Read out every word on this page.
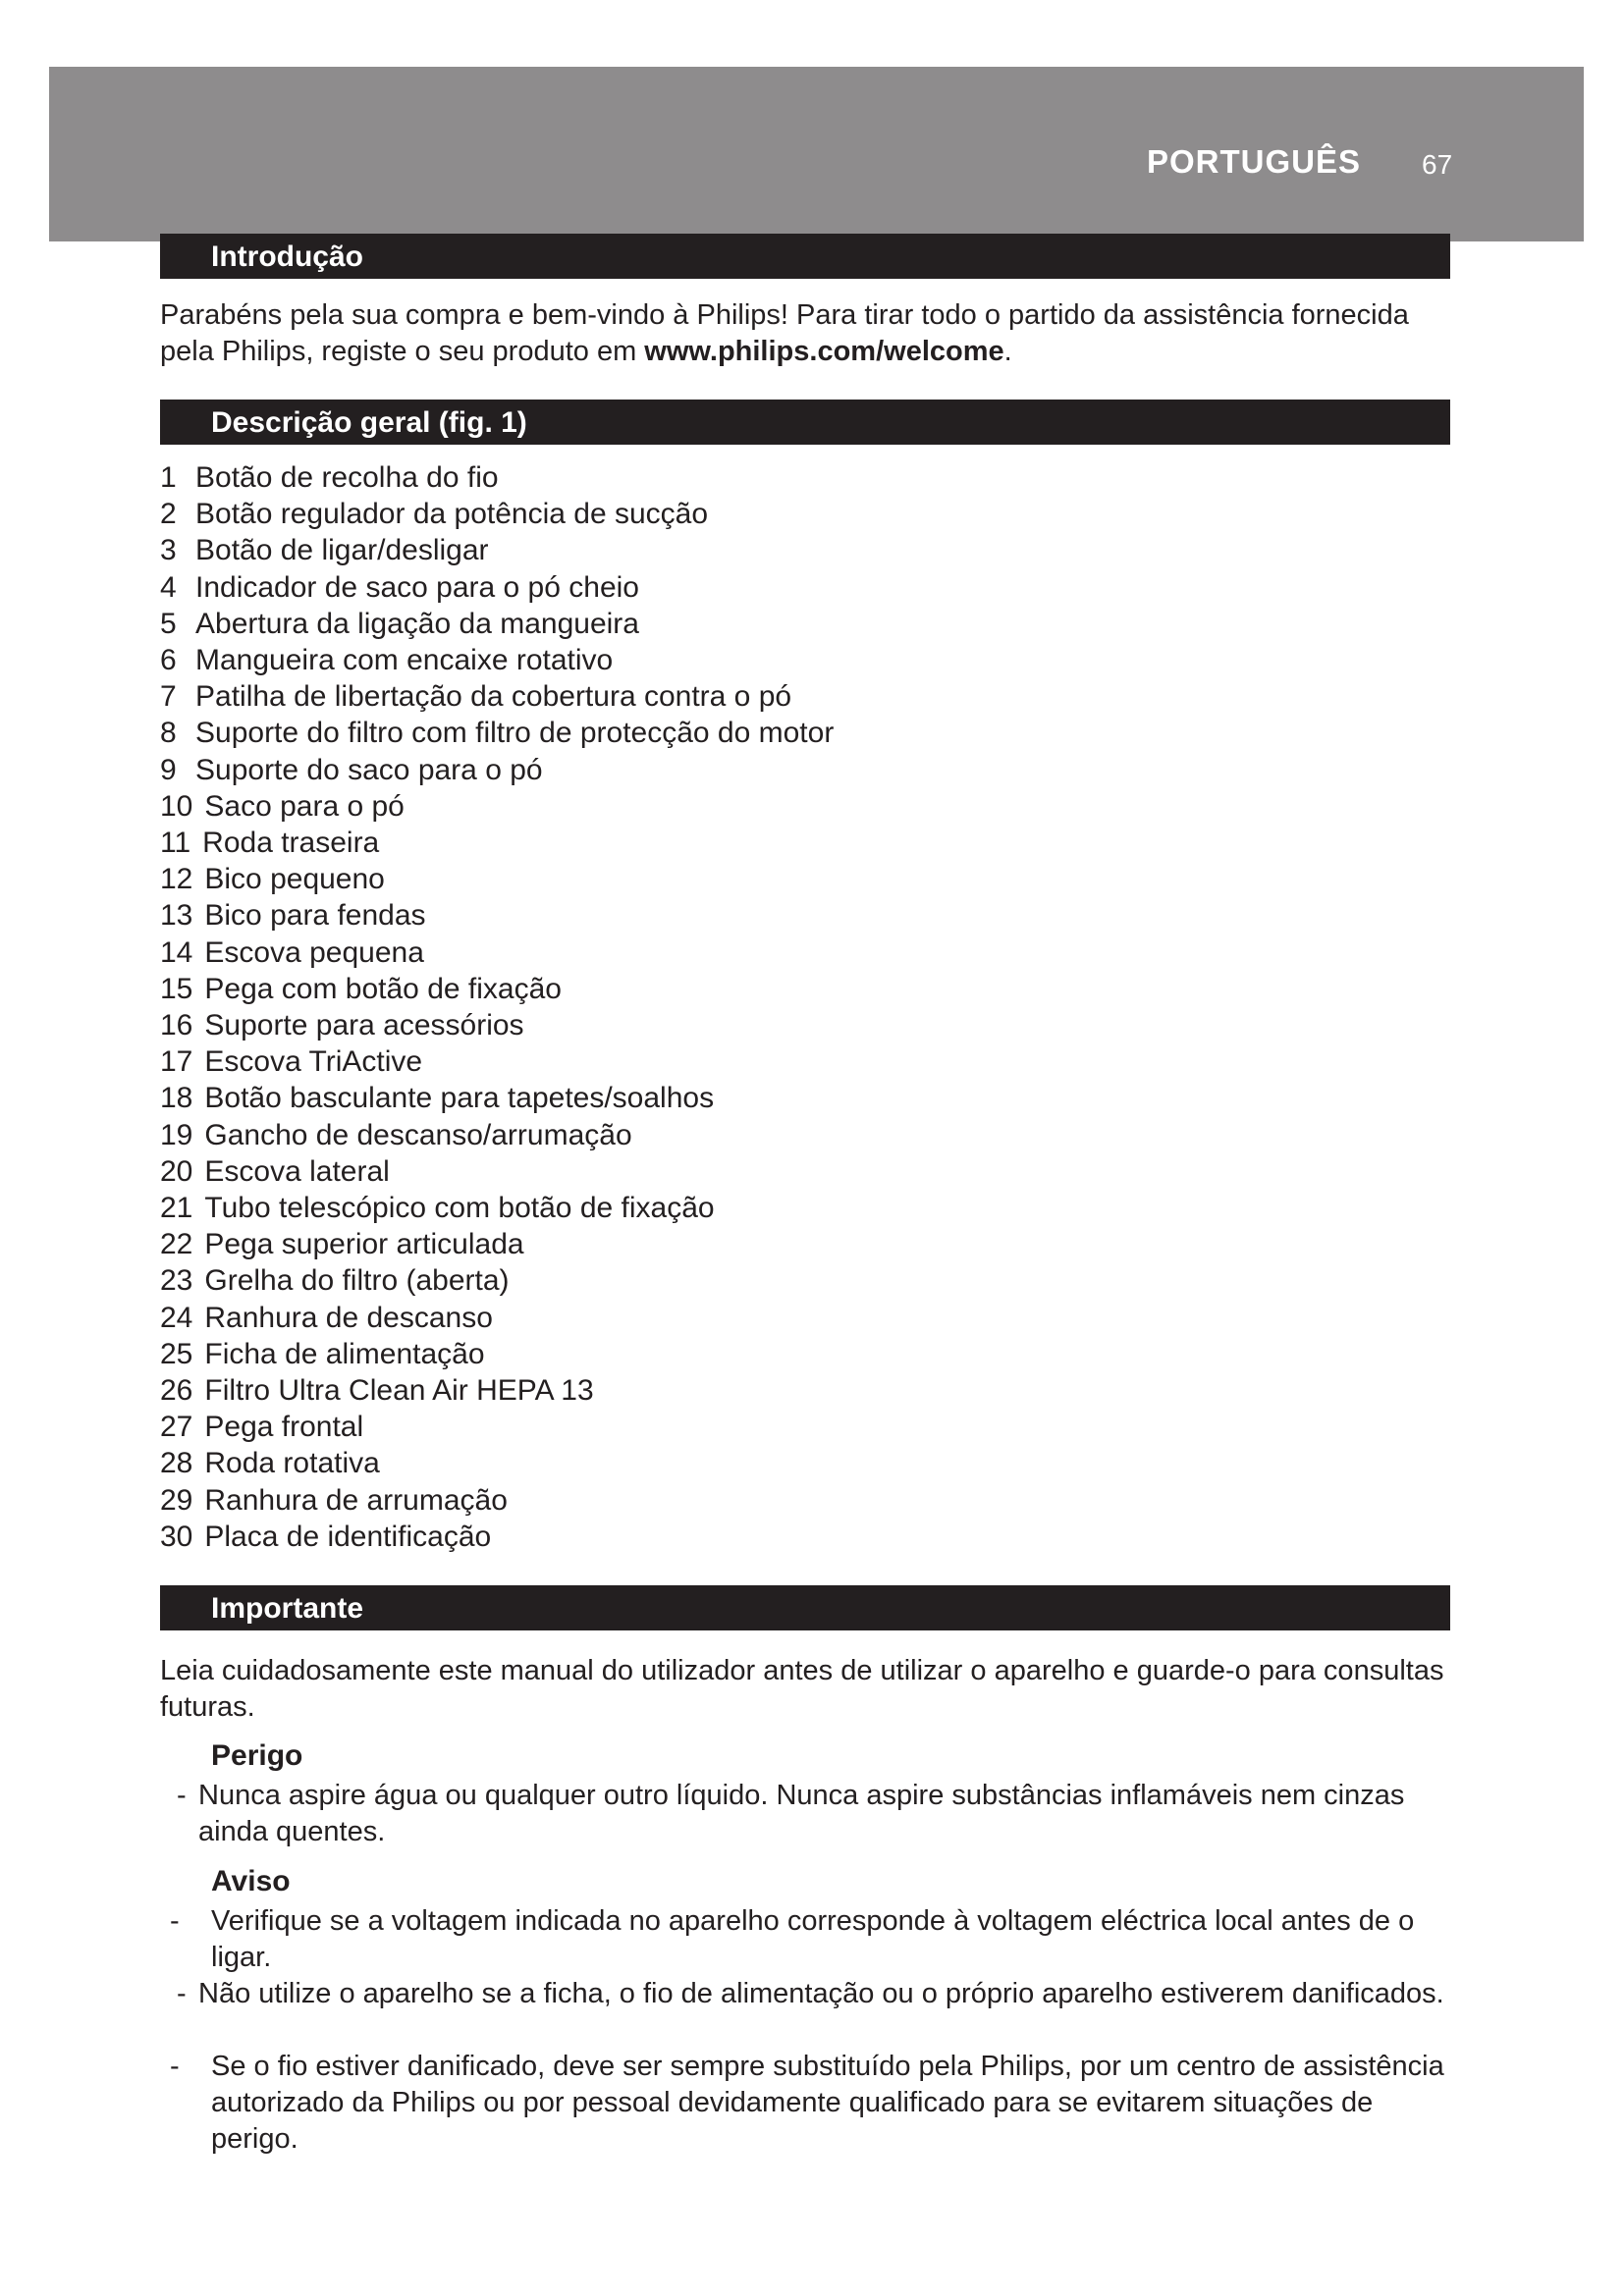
PORTUGUÊS 67
Introdução

Parabéns pela sua compra e bem-vindo à Philips! Para tirar todo o partido da assistência fornecida pela Philips, registe o seu produto em www.philips.com/welcome.

Descrição geral (fig. 1)
1 Botão de recolha do fio
2 Botão regulador da potência de sucção
3 Botão de ligar/desligar
4 Indicador de saco para o pó cheio
5 Abertura da ligação da mangueira
6 Mangueira com encaixe rotativo
7 Patilha de libertação da cobertura contra o pó
8 Suporte do filtro com filtro de protecção do motor
9 Suporte do saco para o pó
10 Saco para o pó
11 Roda traseira
12 Bico pequeno
13 Bico para fendas
14 Escova pequena
15 Pega com botão de fixação
16 Suporte para acessórios
17 Escova TriActive
18 Botão basculante para tapetes/soalhos
19 Gancho de descanso/arrumação
20 Escova lateral
21 Tubo telescópico com botão de fixação
22 Pega superior articulada
23 Grelha do filtro (aberta)
24 Ranhura de descanso
25 Ficha de alimentação
26 Filtro Ultra Clean Air HEPA 13
27 Pega frontal
28 Roda rotativa
29 Ranhura de arrumação
30 Placa de identificação
Importante

Leia cuidadosamente este manual do utilizador antes de utilizar o aparelho e guarde-o para consultas futuras.

Perigo

- Nunca aspire água ou qualquer outro líquido. Nunca aspire substâncias inflamáveis nem cinzas ainda quentes.

Aviso

-	Verifique se a voltagem indicada no aparelho corresponde à voltagem eléctrica local antes de o ligar.
- Não utilize o aparelho se a ficha, o fio de alimentação ou o próprio aparelho estiverem danificados.
-	Se o fio estiver danificado, deve ser sempre substituído pela Philips, por um centro de assistência autorizado da Philips ou por pessoal devidamente qualificado para se evitarem situações de perigo.
